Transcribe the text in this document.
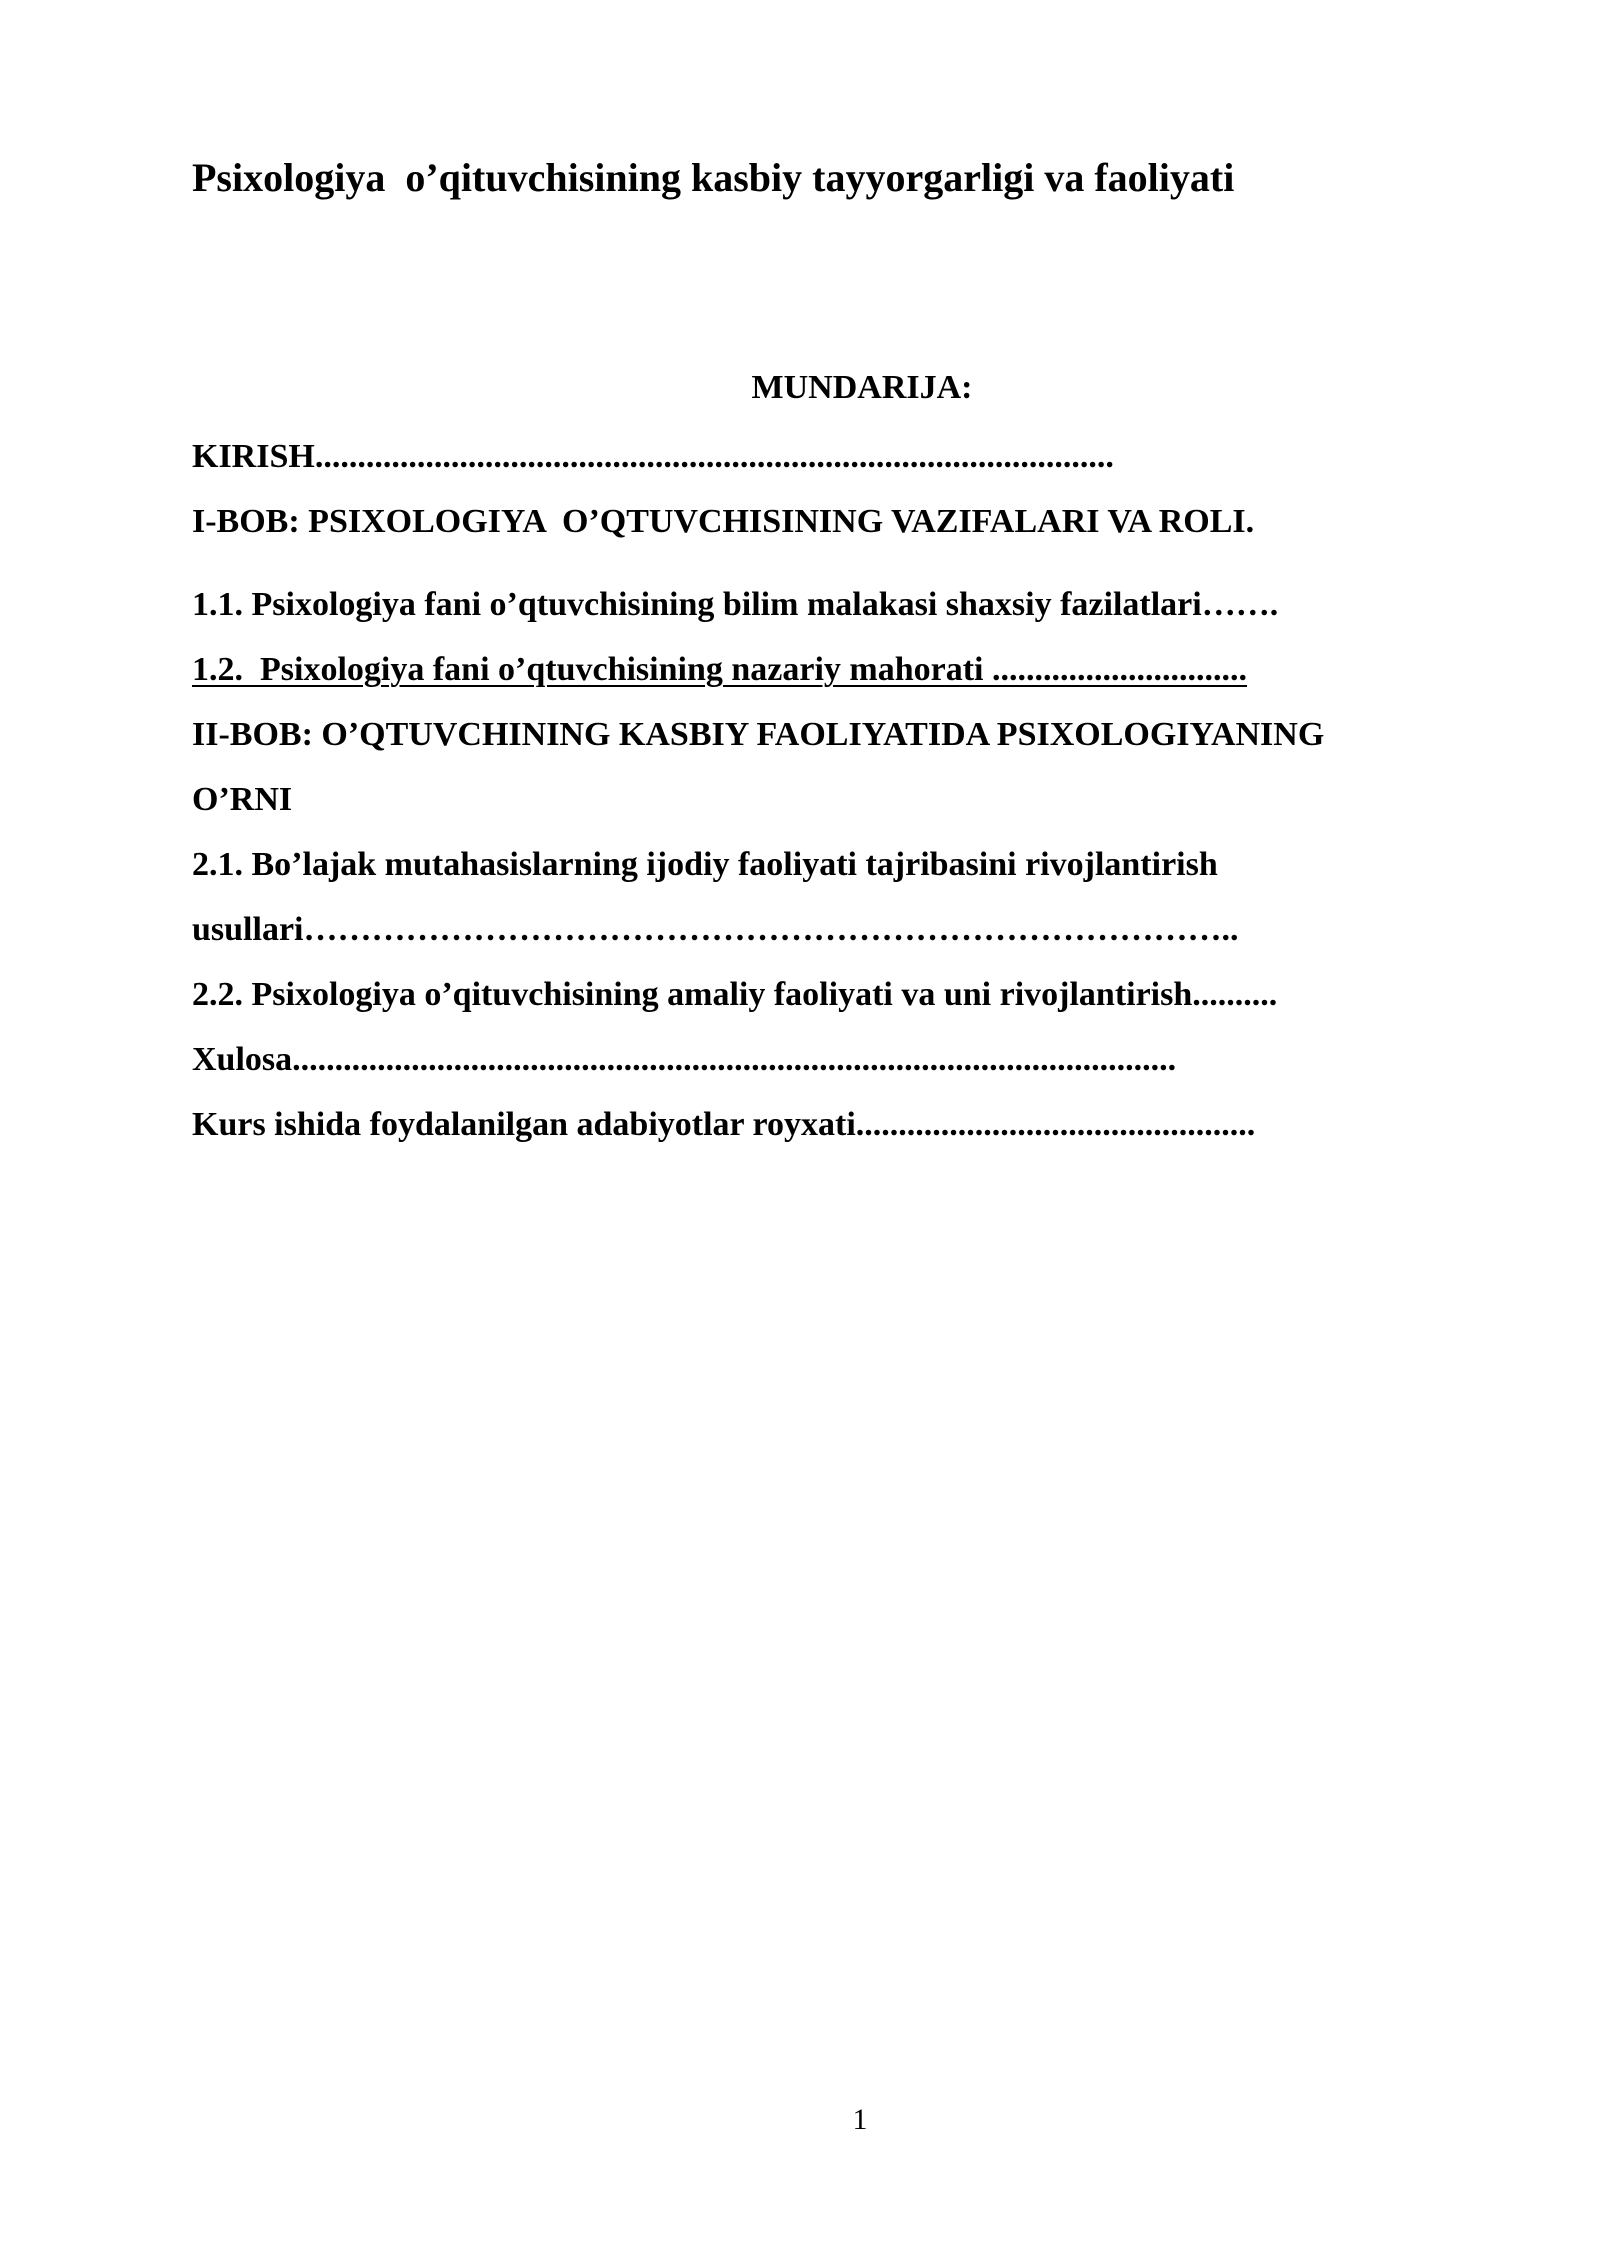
Psixologiya  o’qituvchisining kasbiy tayyorgarligi va faoliyati
MUNDARIJA:
KIRISH..............................................................................................
I-BOB: PSIXOLOGIYA  O’QTUVCHISINING VAZIFALARI VA ROLI.
1.1. Psixologiya fani o’qtuvchisining bilim malakasi shaxsiy fazilatlari…….
1.2.  Psixologiya fani o’qtuvchisining nazariy mahorati ..............................
II-BOB: O’QTUVCHINING KASBIY FAOLIYATIDA PSIXOLOGIYANING
O’RNI
2.1. Bo’lajak mutahasislarning ijodiy faoliyati tajribasini rivojlantirish
usullari………………………………………………………………………..
2.2. Psixologiya o’qituvchisining amaliy faoliyati va uni rivojlantirish..........
Xulosa........................................................................................................
Kurs ishida foydalanilgan adabiyotlar royxati...............................................
1
